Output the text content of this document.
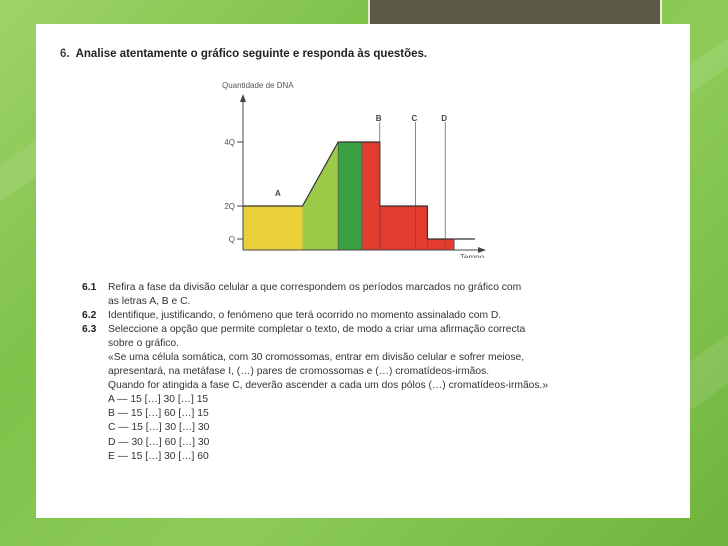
6. Analise atentamente o gráfico seguinte e responda às questões.
4Q
2Q
Q
Quantidade de DNA
Tempo
A
B	C	D
6.1 Refira a fase da divisão celular a que correspondem os períodos marcados no gráfico com
as letras A, B e C.
6.2 Identifique, justificando, o fenómeno que terá ocorrido no momento assinalado com D.
6.3 Seleccione a opção que permite completar o texto, de modo a criar uma afirmação correcta
sobre o gráfico.
«Se uma célula somática, com 30 cromossomas, entrar em divisão celular e sofrer meiose,
apresentará, na metáfase I, (…) pares de cromossomas e (…) cromatídeos-irmãos.
Quando for atingida a fase C, deverão ascender a cada um dos pólos (…) cromatídeos-irmãos.»
A — 15 […] 30 […] 15
B — 15 […] 60 […] 15
C — 15 […] 30 […] 30
D — 30 […] 60 […] 30
E — 15 […] 30 […] 60
